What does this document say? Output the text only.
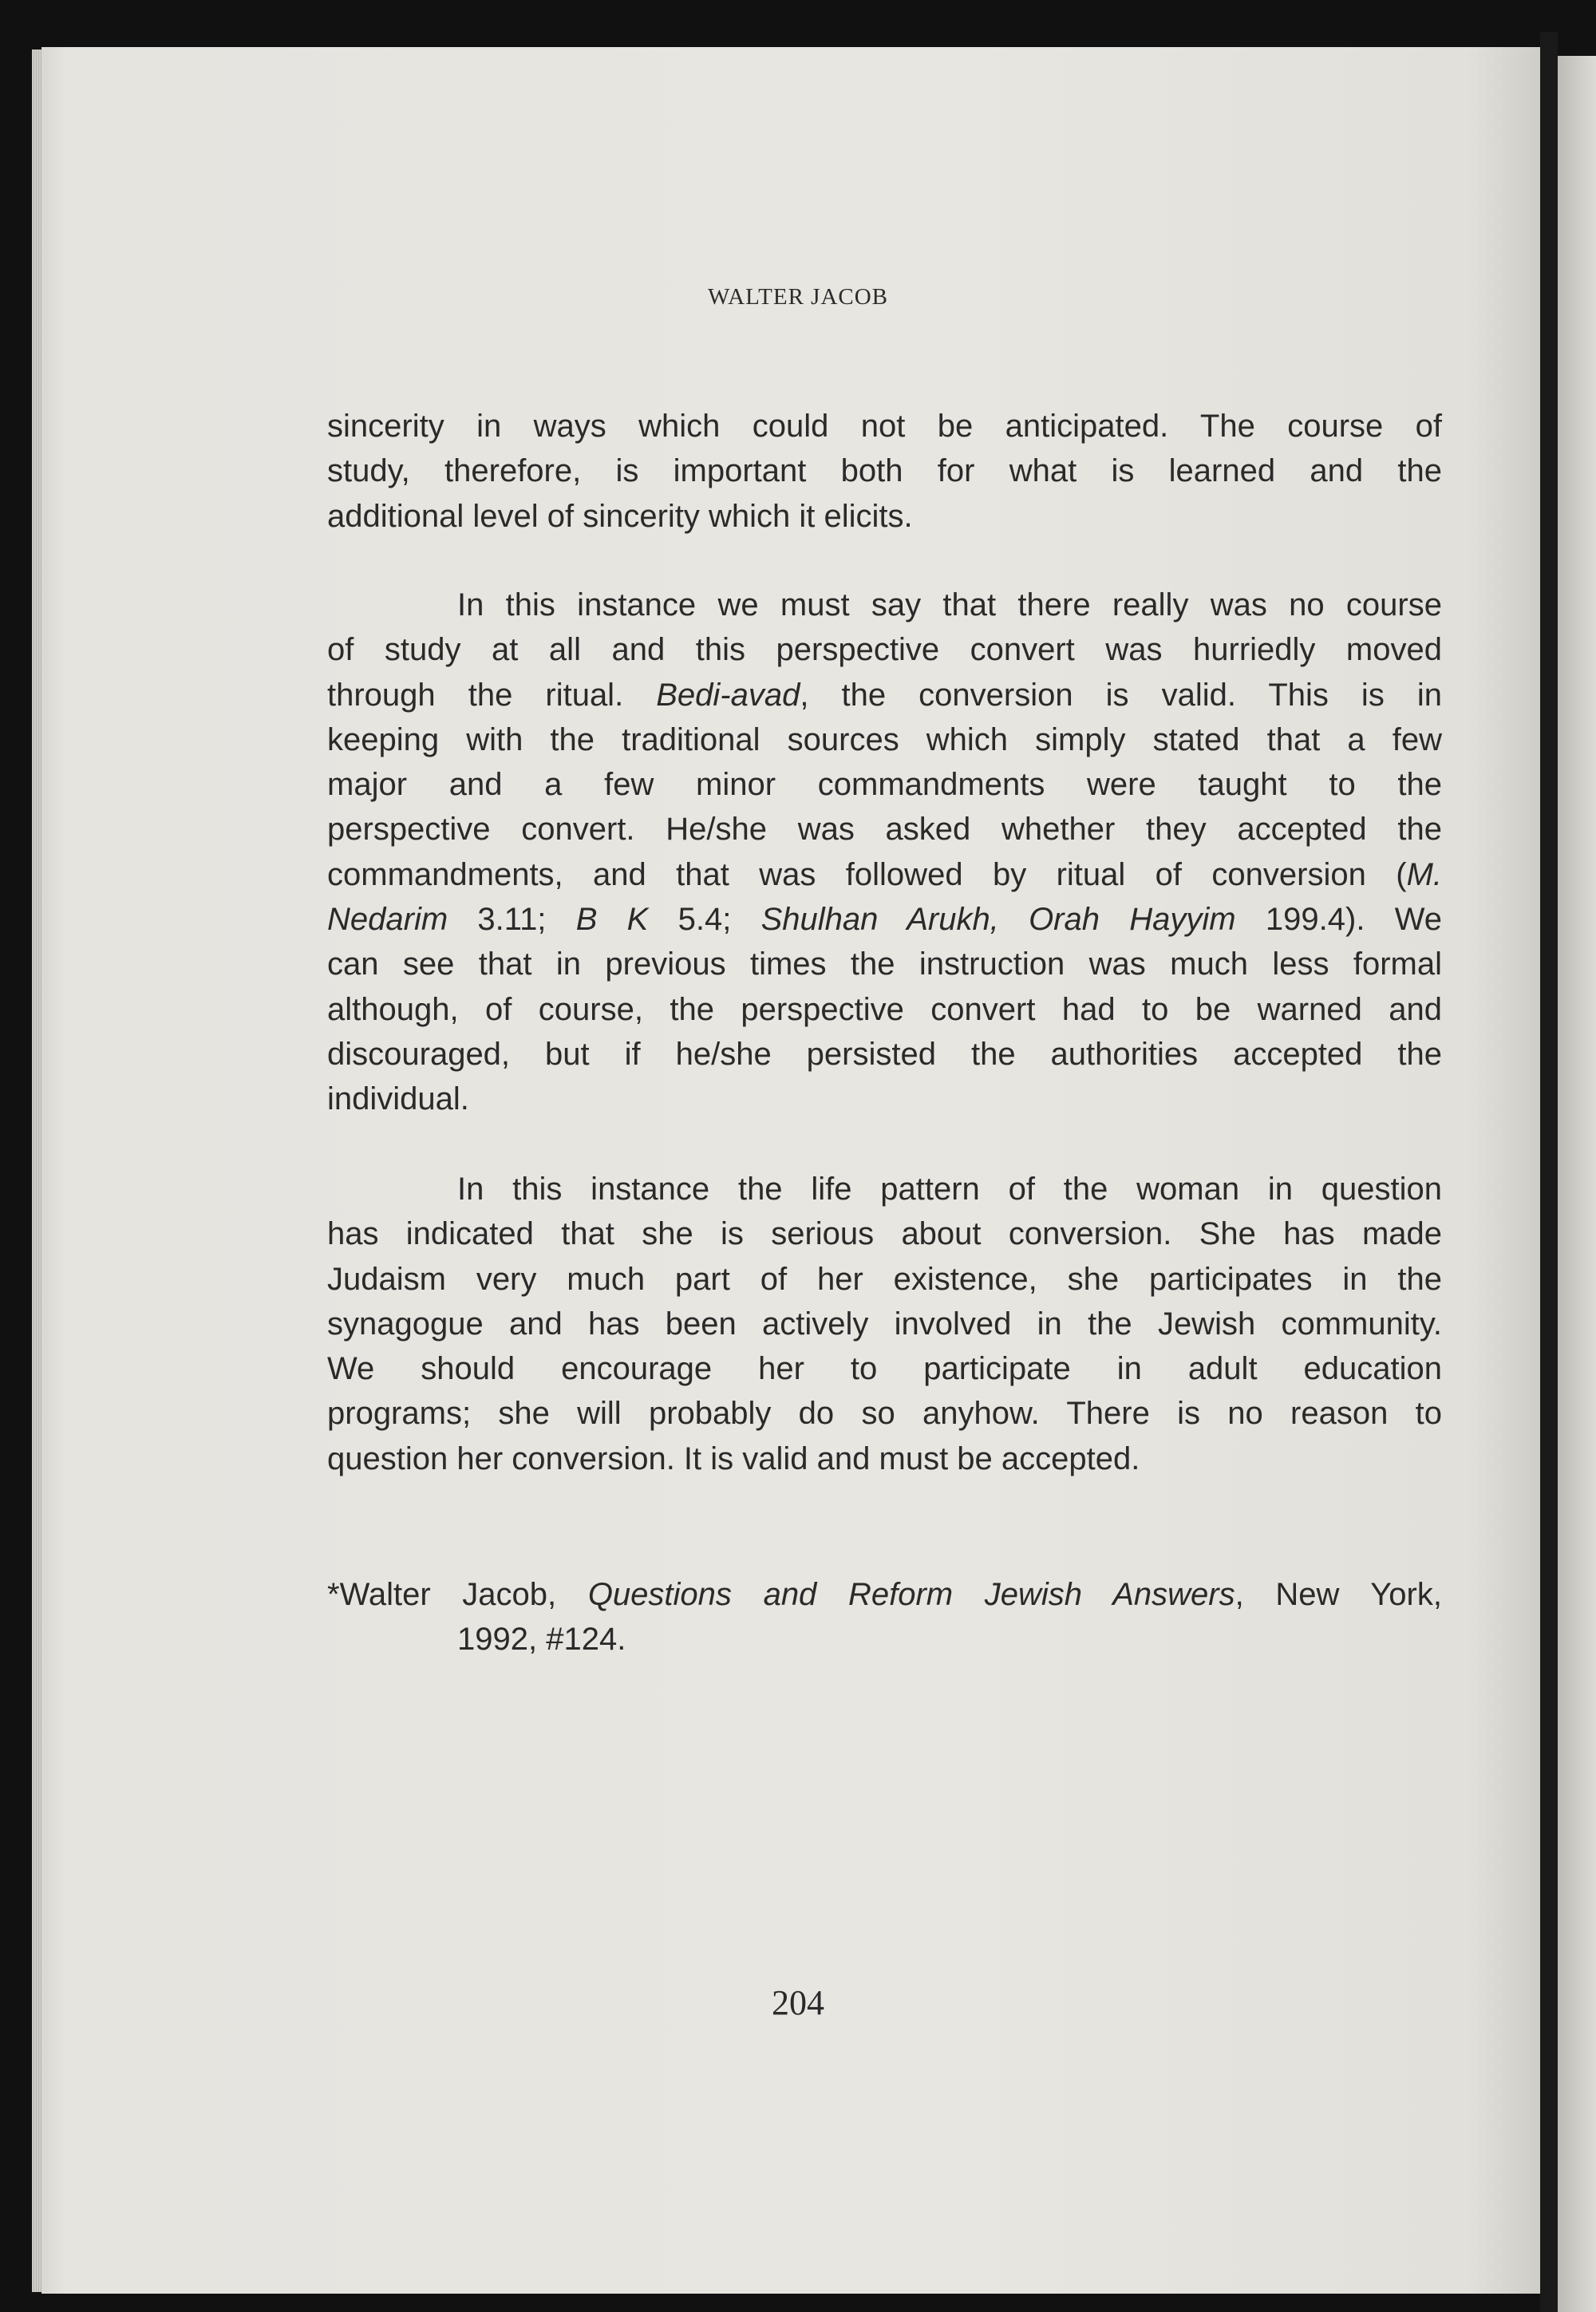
WALTER JACOB
sincerity in ways which could not be anticipated. The course of
study, therefore, is important both for what is learned and the
additional level of sincerity which it elicits.
In this instance we must say that there really was no course
of study at all and this perspective convert was hurriedly moved
through the ritual. Bedi-avad, the conversion is valid. This is in
keeping with the traditional sources which simply stated that a few
major and a few minor commandments were taught to the
perspective convert. He/she was asked whether they accepted the
commandments, and that was followed by ritual of conversion (M.
Nedarim 3.11; B K 5.4; Shulhan Arukh, Orah Hayyim 199.4). We
can see that in previous times the instruction was much less formal
although, of course, the perspective convert had to be warned and
discouraged, but if he/she persisted the authorities accepted the
individual.
In this instance the life pattern of the woman in question
has indicated that she is serious about conversion. She has made
Judaism very much part of her existence, she participates in the
synagogue and has been actively involved in the Jewish community.
We should encourage her to participate in adult education
programs; she will probably do so anyhow. There is no reason to
question her conversion. It is valid and must be accepted.
*Walter Jacob, Questions and Reform Jewish Answers, New York,
1992, #124.
204
